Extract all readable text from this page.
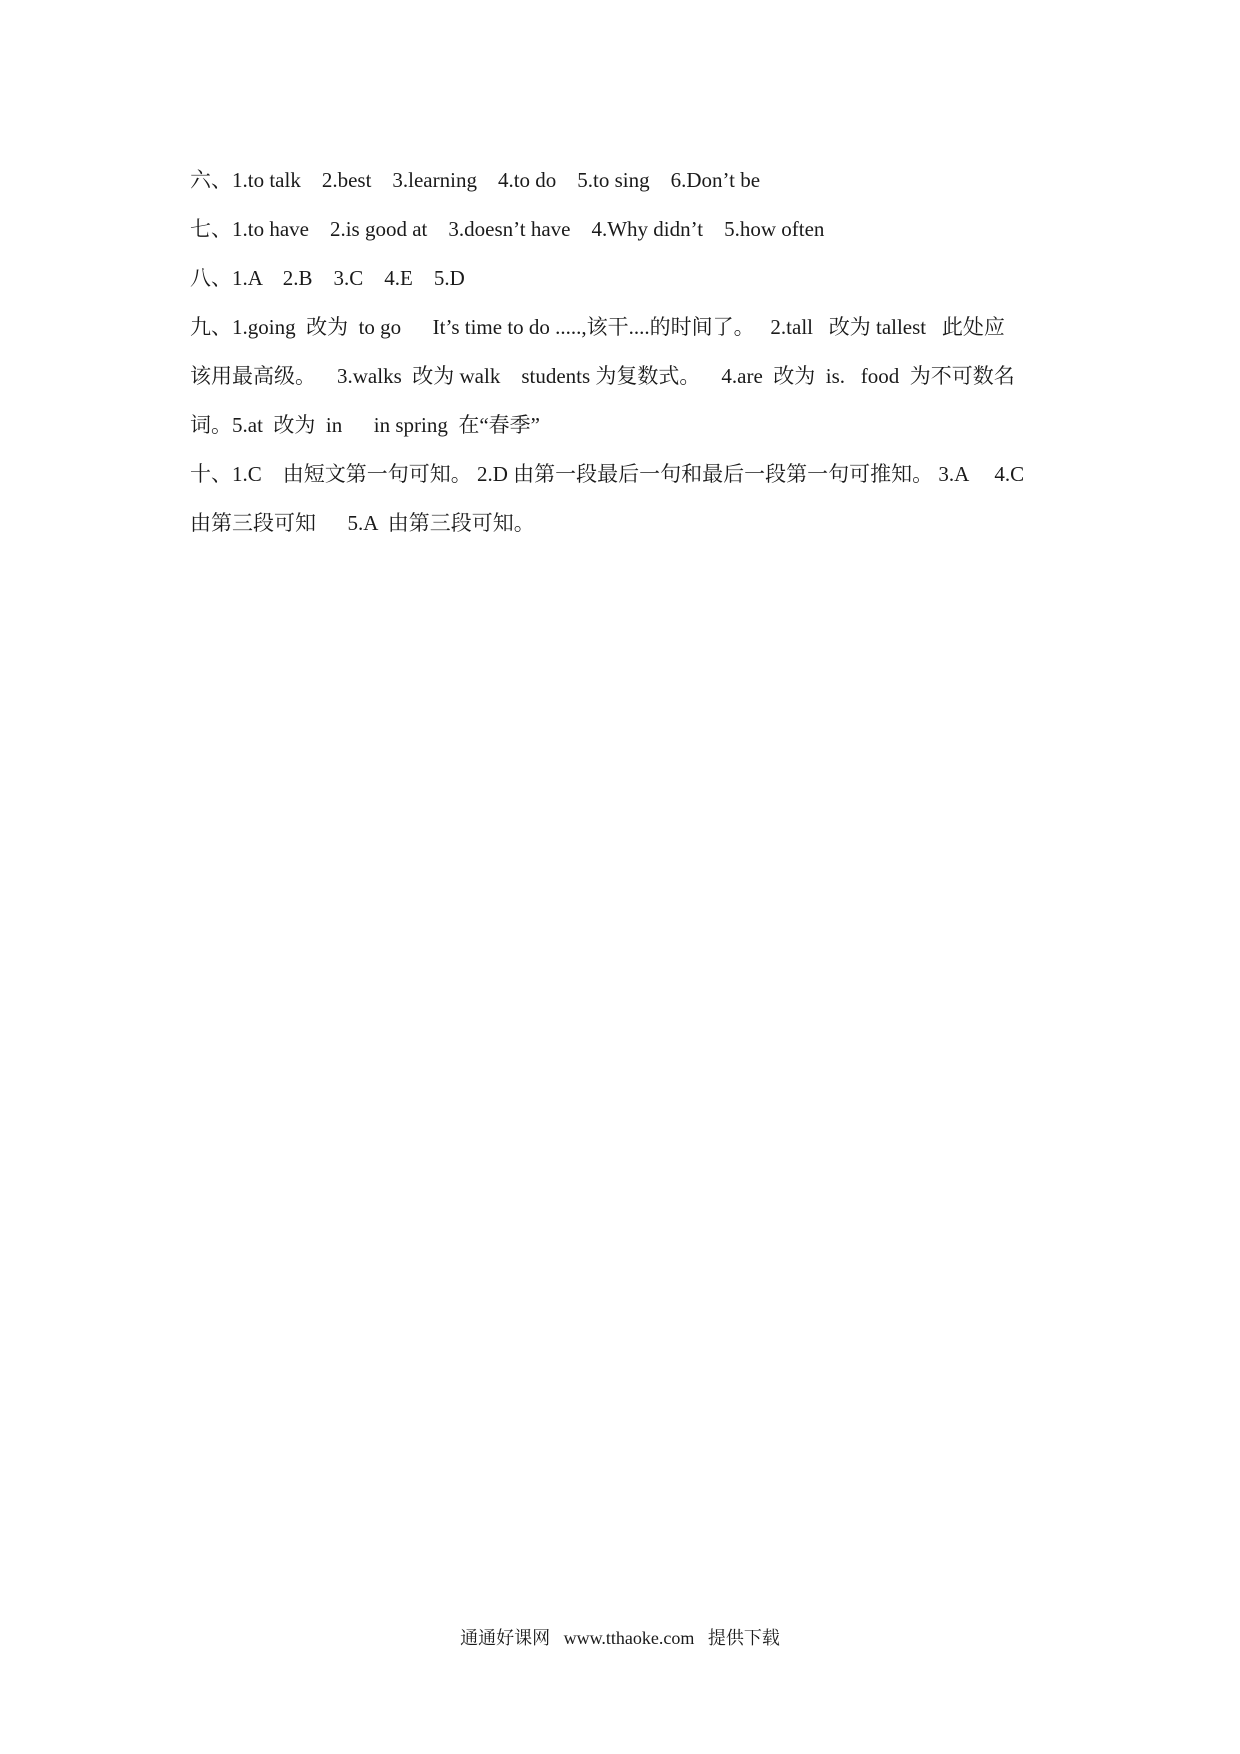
六、1.to talk    2.best    3.learning    4.to do    5.to sing    6.Don’t be
七、1.to have    2.is good at    3.doesn’t have    4.Why didn’t    5.how often
八、1.A    2.B    3.C    4.E    5.D
九、1.going  改为  to go      It’s time to do .....,该干....的时间了。   2.tall   改为 tallest   此处应
该用最高级。    3.walks  改为 walk    students 为复数式。    4.are  改为  is.   food  为不可数名
词。5.at  改为  in      in spring  在“春季”
十、1.C    由短文第一句可知。 2.D 由第一段最后一句和最后一段第一句可推知。 3.A     4.C
由第三段可知      5.A  由第三段可知。
通通好课网   www.tthaoke.com   提供下载
